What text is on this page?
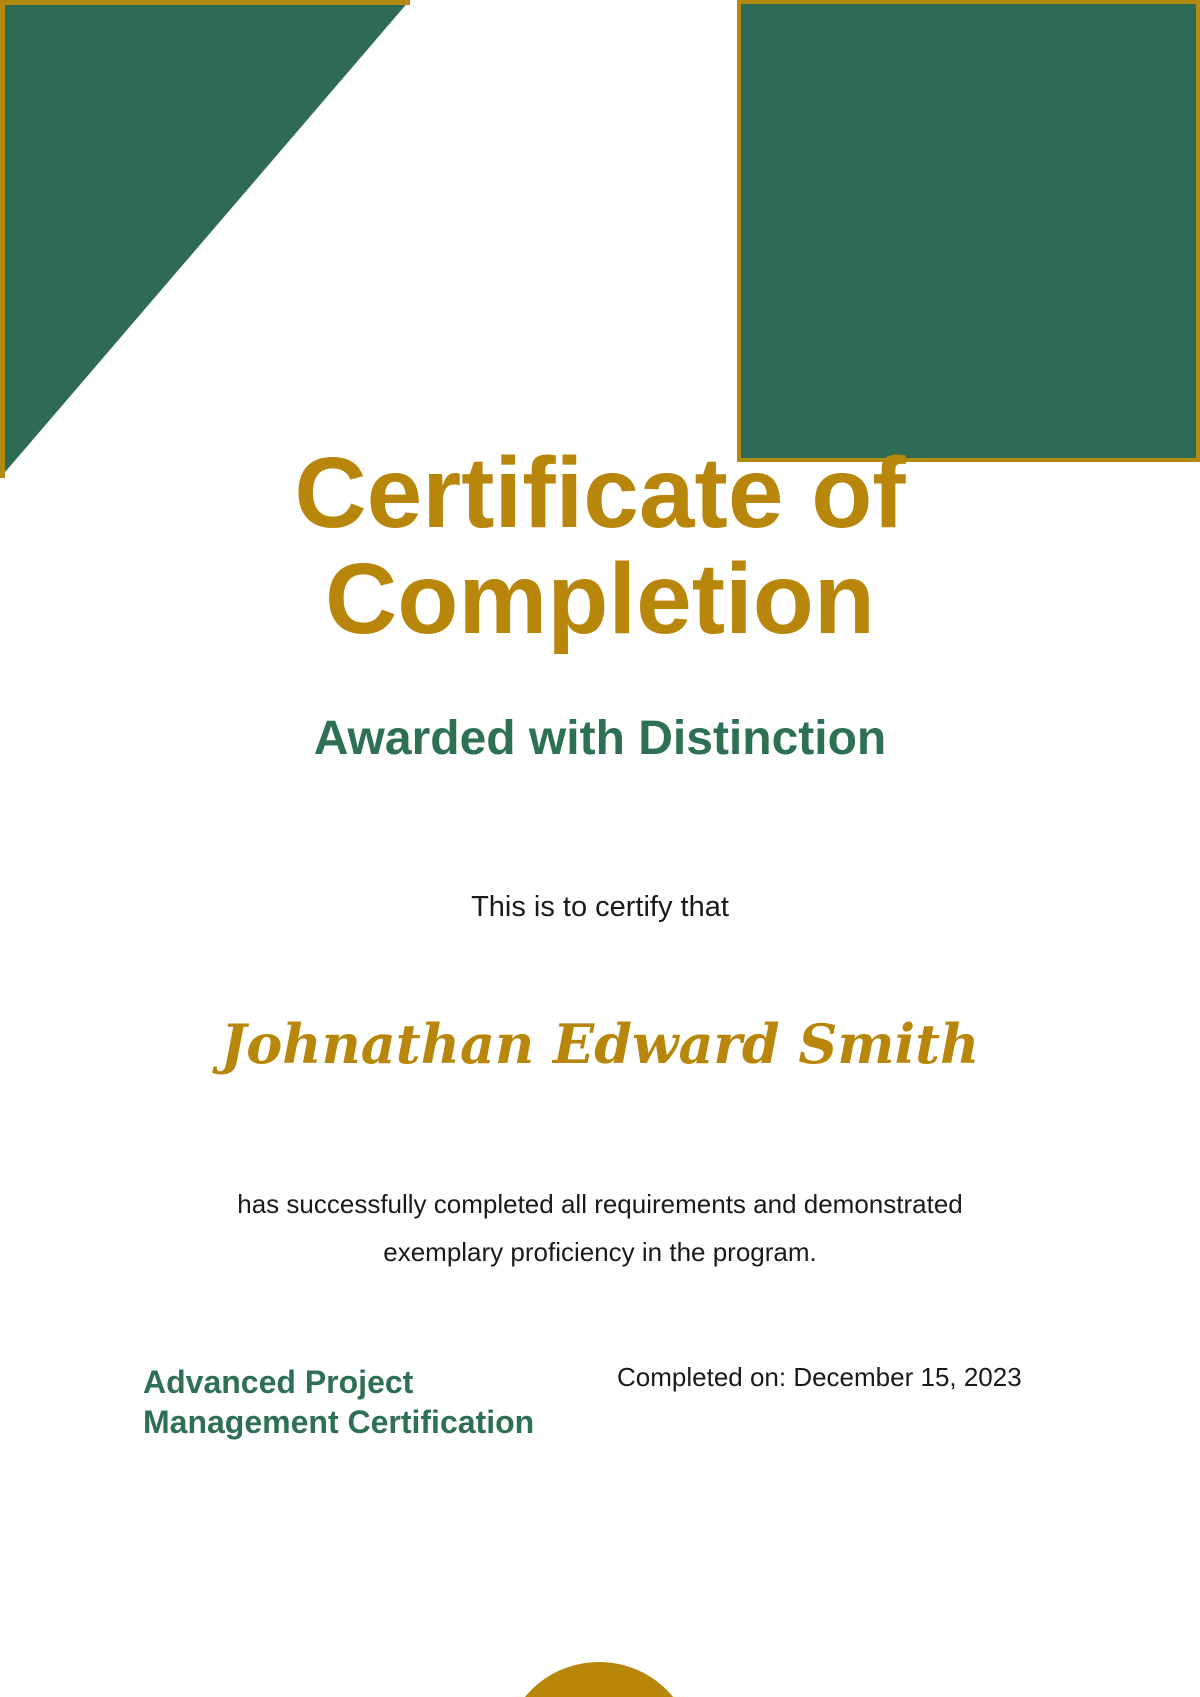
Certificate of
Completion
Awarded with Distinction
This is to certify that
Johnathan Edward Smith
has successfully completed all requirements and demonstrated
exemplary proficiency in the program.
Advanced Project
Management Certification
Completed on: December 15, 2023
